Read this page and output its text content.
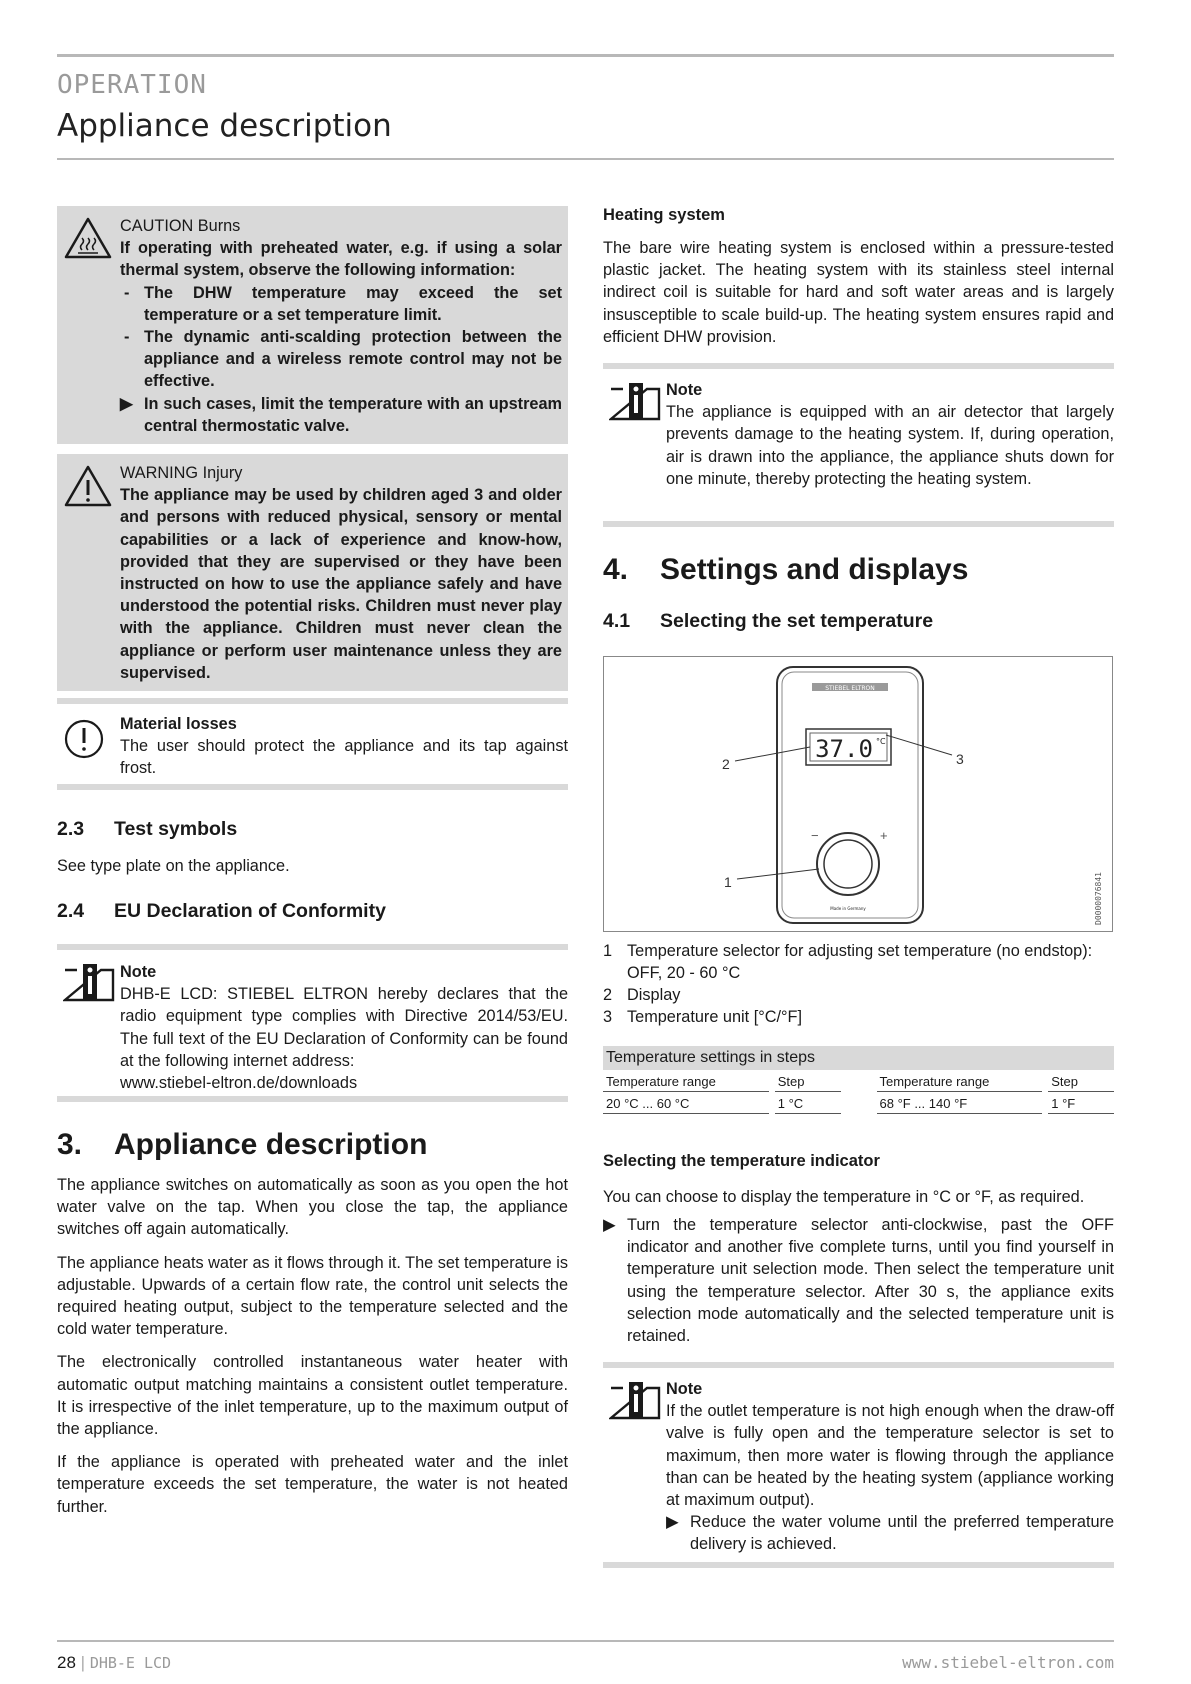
OPERATION
Appliance description
CAUTION Burns
If operating with preheated water, e.g. if using a solar thermal system, observe the following information:
- The DHW temperature may exceed the set temperature or a set temperature limit.
- The dynamic anti-scalding protection between the appliance and a wireless remote control may not be effective.
▶ In such cases, limit the temperature with an upstream central thermostatic valve.
WARNING Injury
The appliance may be used by children aged 3 and older and persons with reduced physical, sensory or mental capabilities or a lack of experience and know-how, provided that they are supervised or they have been instructed on how to use the appliance safely and have understood the potential risks. Children must never play with the appliance. Children must never clean the appliance or perform user maintenance unless they are supervised.
Material losses
The user should protect the appliance and its tap against frost.
2.3 Test symbols
See type plate on the appliance.
2.4 EU Declaration of Conformity
Note
DHB-E LCD: STIEBEL ELTRON hereby declares that the radio equipment type complies with Directive 2014/53/EU. The full text of the EU Declaration of Conformity can be found at the following internet address:
www.stiebel-eltron.de/downloads
3. Appliance description

The appliance switches on automatically as soon as you open the hot water valve on the tap. When you close the tap, the appliance switches off again automatically.

The appliance heats water as it flows through it. The set temperature is adjustable. Upwards of a certain flow rate, the control unit selects the required heating output, subject to the temperature selected and the cold water temperature.

The electronically controlled instantaneous water heater with automatic output matching maintains a consistent outlet temperature. It is irrespective of the inlet temperature, up to the maximum output of the appliance.

If the appliance is operated with preheated water and the inlet temperature exceeds the set temperature, the water is not heated further.

Heating system
The bare wire heating system is enclosed within a pressure-tested plastic jacket. The heating system with its stainless steel internal indirect coil is suitable for hard and soft water areas and is largely insusceptible to scale build-up. The heating system ensures rapid and efficient DHW provision.
Note
The appliance is equipped with an air detector that largely prevents damage to the heating system. If, during operation, air is drawn into the appliance, the appliance shuts down for one minute, thereby protecting the heating system.
4. Settings and displays
4.1 Selecting the set temperature
STIEBEL ELTRON
37.0 °C
−	+
Made in Germany
2	3
1	D0000076841
1 Temperature selector for adjusting set temperature (no endstop): OFF, 20 - 60 °C
2 Display
3 Temperature unit [°C/°F]
Temperature settings in steps
Temperature range	Step	Temperature range	Step
20 °C ... 60 °C	1 °C	68 °F ... 140 °F	1 °F
Selecting the temperature indicator
You can choose to display the temperature in °C or °F, as required.
▶ Turn the temperature selector anti-clockwise, past the OFF indicator and another five complete turns, until you find yourself in temperature unit selection mode. Then select the temperature unit using the temperature selector. After 30 s, the appliance exits selection mode automatically and the selected temperature unit is retained.
Note
If the outlet temperature is not high enough when the draw-off valve is fully open and the temperature selector is set to maximum, then more water is flowing through the appliance than can be heated by the heating system (appliance working at maximum output).
▶ Reduce the water volume until the preferred temperature delivery is achieved.
28 | DHB-E LCD	www.stiebel-eltron.com
